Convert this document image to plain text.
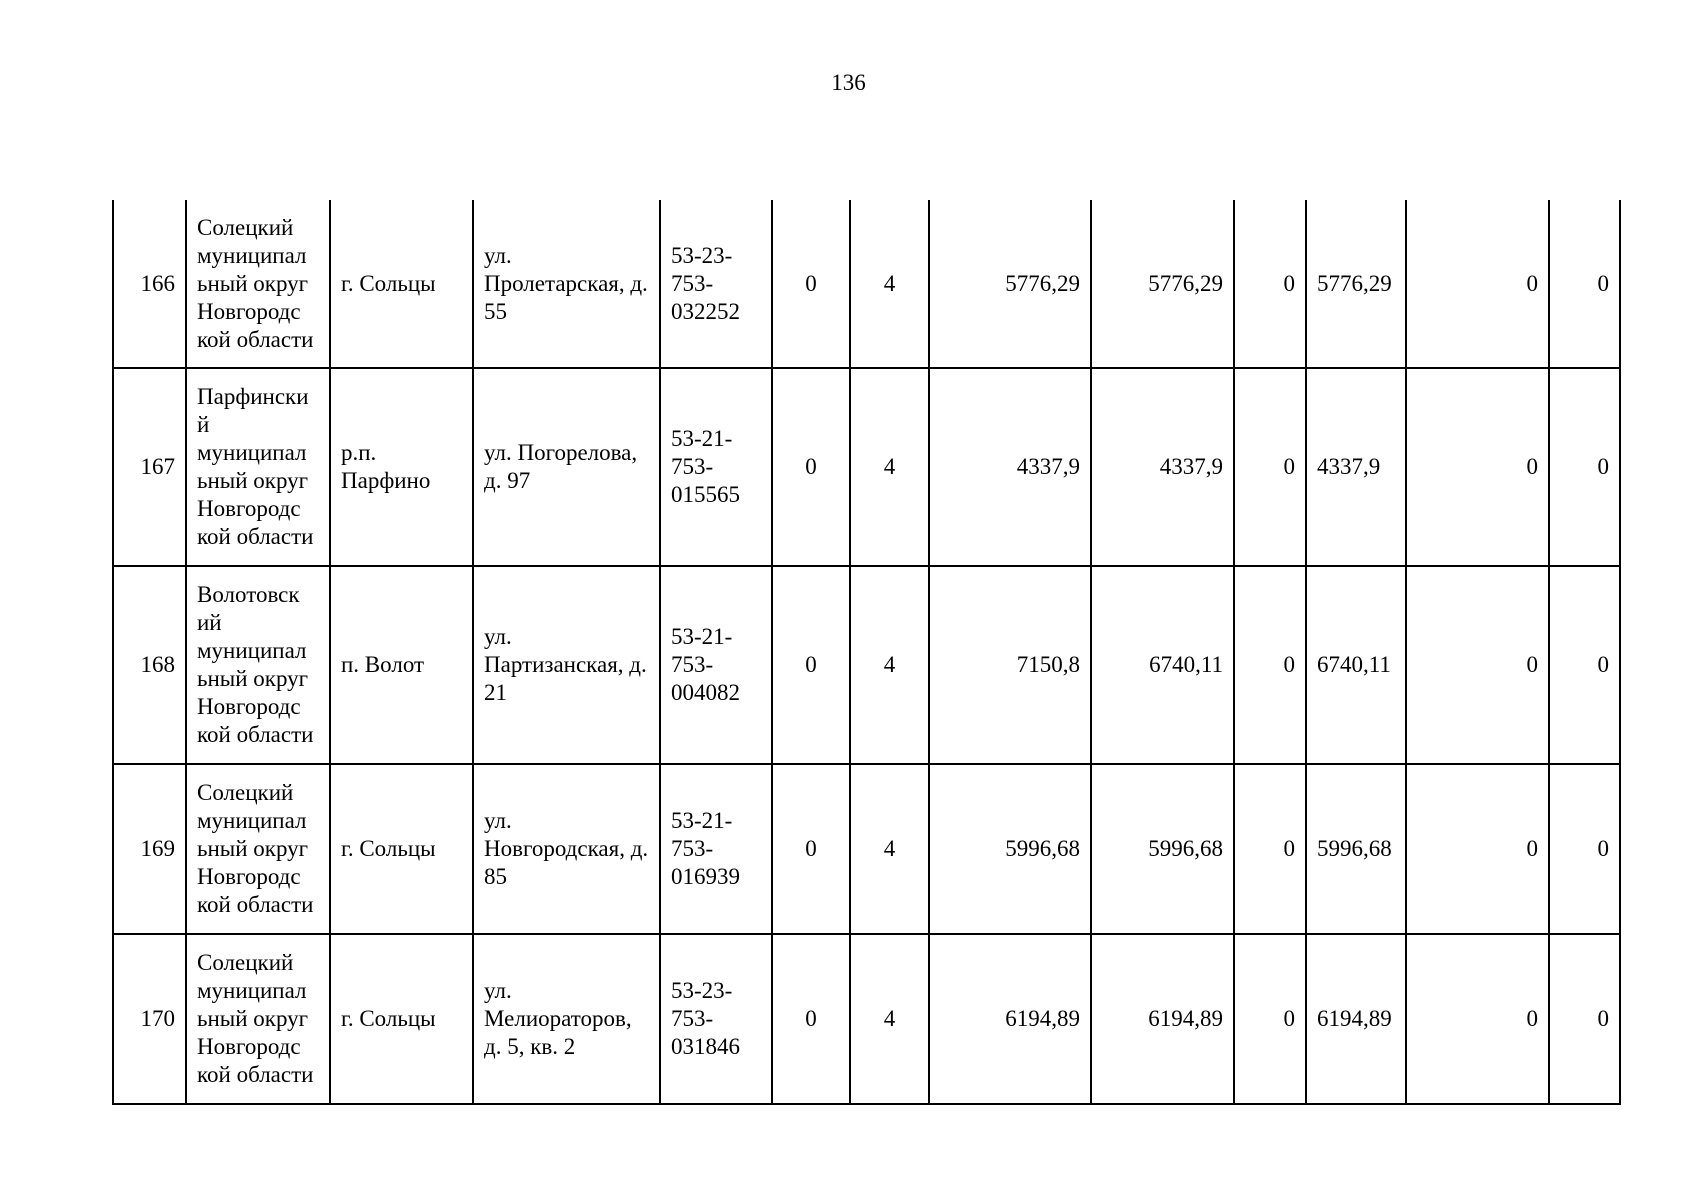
136
166	Солецкий муниципал ьный округ Новгородс кой области	г. Сольцы	ул. Пролетарская, д. 55	53-23-753-032252	0	4	5776,29	5776,29	0	5776,29	0	0
167	Парфински й муниципал ьный округ Новгородс кой области	р.п. Парфино	ул. Погорелова, д. 97	53-21-753-015565	0	4	4337,9	4337,9	0	4337,9	0	0
168	Волотовск ий муниципал ьный округ Новгородс кой области	п. Волот	ул. Партизанская, д. 21	53-21-753-004082	0	4	7150,8	6740,11	0	6740,11	0	0
169	Солецкий муниципал ьный округ Новгородс кой области	г. Сольцы	ул. Новгородская, д. 85	53-21-753-016939	0	4	5996,68	5996,68	0	5996,68	0	0
170	Солецкий муниципал ьный округ Новгородс кой области	г. Сольцы	ул. Мелиораторов, д. 5, кв. 2	53-23-753-031846	0	4	6194,89	6194,89	0	6194,89	0	0
